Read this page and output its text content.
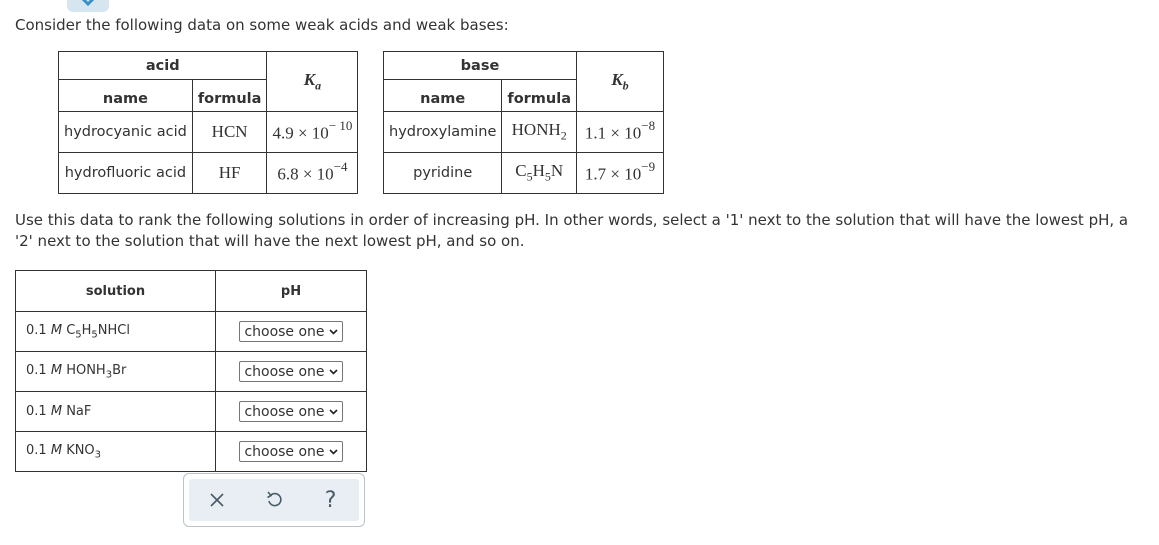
Consider the following data on some weak acids and weak bases:

acid		$K_a$
name	formula	
hydrocyanic acid	HCN	$4.9 \times 10^{- 10}$
hydrofluoric acid	HF	$6.8 \times 10^{-4}$
base		$K_b$
name	formula	
hydroxylamine	$HONH_2$	$1.1 \times 10^{-8}$
pyridine	$C_5H_5N$	$1.7 \times 10^{-9}$

Use this data to rank the following solutions in order of increasing pH. In other words, select a '1' next to the solution that will have the lowest pH, a '2' next to the solution that will have the next lowest pH, and so on.

solution	pH
0.1 M $C_5H_5NHCl$	choose one

0.1 M $HONH_3Br$	choose one

0.1 M NaF	choose one

0.1 M $KNO_3$	choose one
?
